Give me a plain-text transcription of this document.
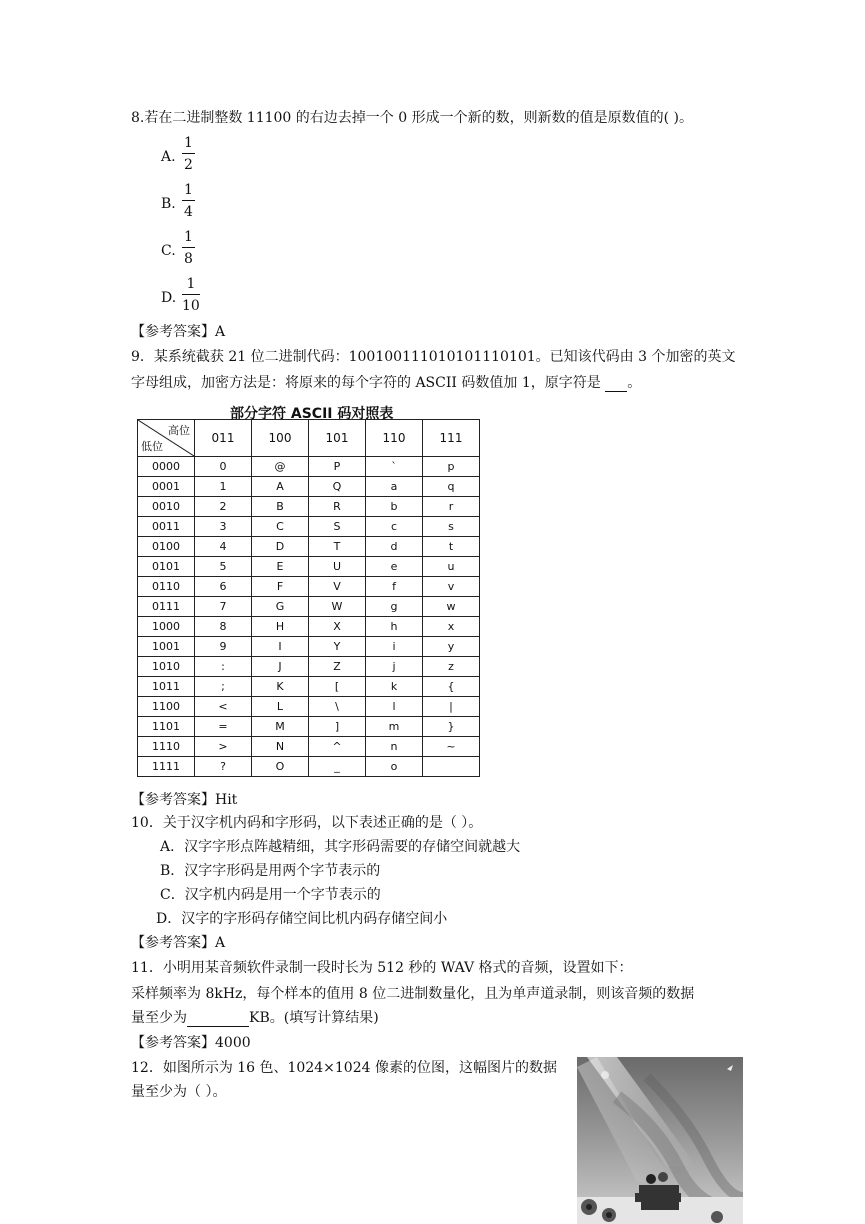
8.若在二进制整数 11100 的右边去掉一个 0 形成一个新的数，则新数的值是原数值的( )。
A. $\frac{1}{2}$
B. $\frac{1}{4}$
C. $\frac{1}{8}$
D. $\frac{1}{10}$
【参考答案】A
9．某系统截获 21 位二进制代码：100100111010101110101。已知该代码由 3 个加密的英文
字母组成，加密方法是：将原来的每个字符的 ASCII 码数值加 1，原字符是  。
部分字符 ASCII 码对照表
高位
低位	011	100	101	110	111
0000	0	@	P	`	p
0001	1	A	Q	a	q
0010	2	B	R	b	r
0011	3	C	S	c	s
0100	4	D	T	d	t
0101	5	E	U	e	u
0110	6	F	V	f	v
0111	7	G	W	g	w
1000	8	H	X	h	x
1001	9	I	Y	i	y
1010	:	J	Z	j	z
1011	;	K	[	k	{
1100	<	L	\	l	|
1101	=	M	]	m	}
1110	>	N	^	n	~
1111	?	O	_	o	
【参考答案】Hit
10．关于汉字机内码和字形码，以下表述正确的是（ ）。
A．汉字字形点阵越精细，其字形码需要的存储空间就越大
B．汉字字形码是用两个字节表示的
C．汉字机内码是用一个字节表示的
D．汉字的字形码存储空间比机内码存储空间小
【参考答案】A
11．小明用某音频软件录制一段时长为 512 秒的 WAV 格式的音频，设置如下：
采样频率为 8kHz，每个样本的值用 8 位二进制数量化，且为单声道录制，则该音频的数据
量至少为	KB。(填写计算结果)
【参考答案】4000
12．如图所示为 16 色、1024×1024 像素的位图，这幅图片的数据
量至少为（ ）。
